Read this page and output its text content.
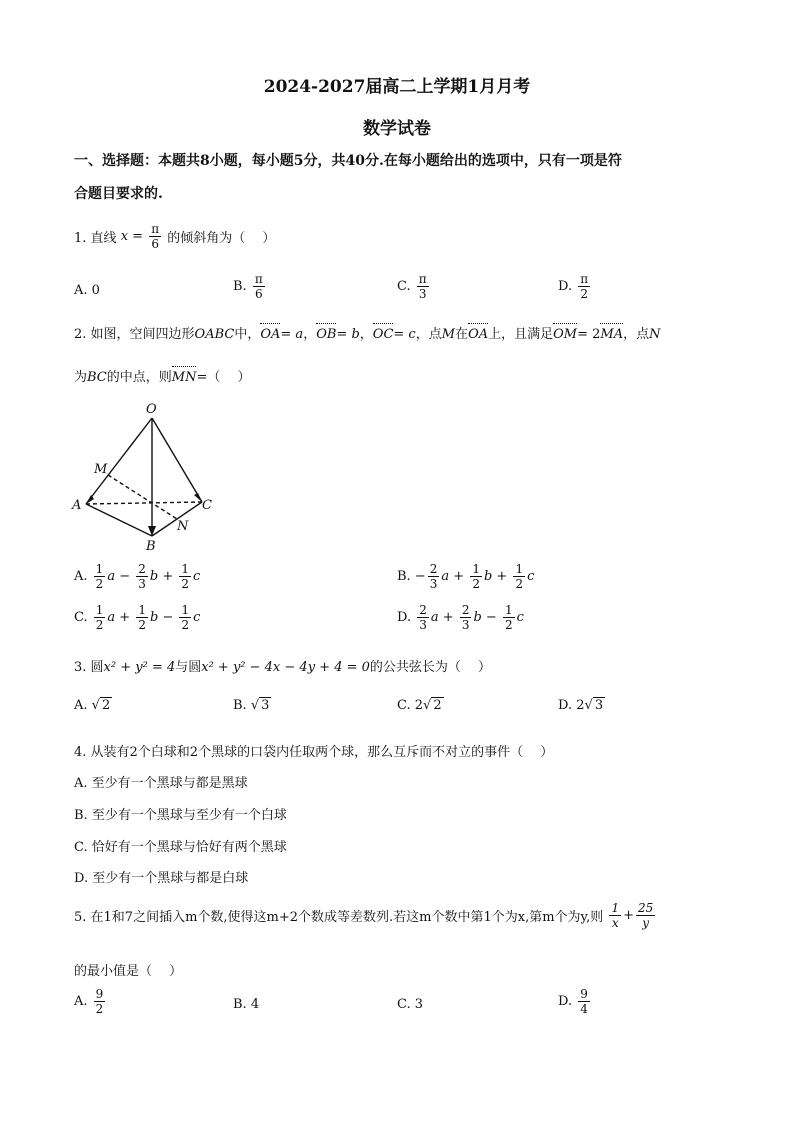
2024-2027届高二上学期1月月考
数学试卷
一、选择题：本题共8小题，每小题5分，共40分.在每小题给出的选项中，只有一项是符
合题目要求的.
1. 直线 $x = \frac{\pi}{6}$ 的倾斜角为（　 ）
A. 0	B. $\frac{\pi}{6}$	C. $\frac{\pi}{3}$	D. $\frac{\pi}{2}$
2. 如图，空间四边形OABC中，OA= a，OB= b，OC= c，点M在OA上，且满足OM= 2MA，点N
为BC的中点，则MN=（　 ）
O
M
A	C
N
B
A. $\frac{1}{2}$ $a - \frac{2}{3}$ $b + \frac{1}{2}$ c	B. − $\frac{2}{3}$ $a + \frac{1}{2}$ $b + \frac{1}{2}$ c
C. $\frac{1}{2}$ $a + \frac{1}{2}$ $b - \frac{1}{2}$ c	D. $\frac{2}{3}$ $a + \frac{2}{3}$ $b - \frac{1}{2}$ c
3. 圆x² + y² = 4与圆x² + y² − 4x − 4y + 4 = 0的公共弦长为（　 ）
A. √ 2	B. √ 3	C. 2√ 2	D. 2√ 3
4. 从装有2个白球和2个黑球的口袋内任取两个球，那么互斥而不对立的事件（　 ）
A. 至少有一个黑球与都是黑球
B. 至少有一个黑球与至少有一个白球
C. 恰好有一个黑球与恰好有两个黑球
D. 至少有一个黑球与都是白球
5. 在1和7之间插入m个数,使得这m+2个数成等差数列.若这m个数中第1个为x,第m个为y,则 $\frac{1}{x} + \frac{25}{y}$
的最小值是（　 ）
A. $\frac{9}{2}$	B. 4	C. 3	D. $\frac{9}{4}$
